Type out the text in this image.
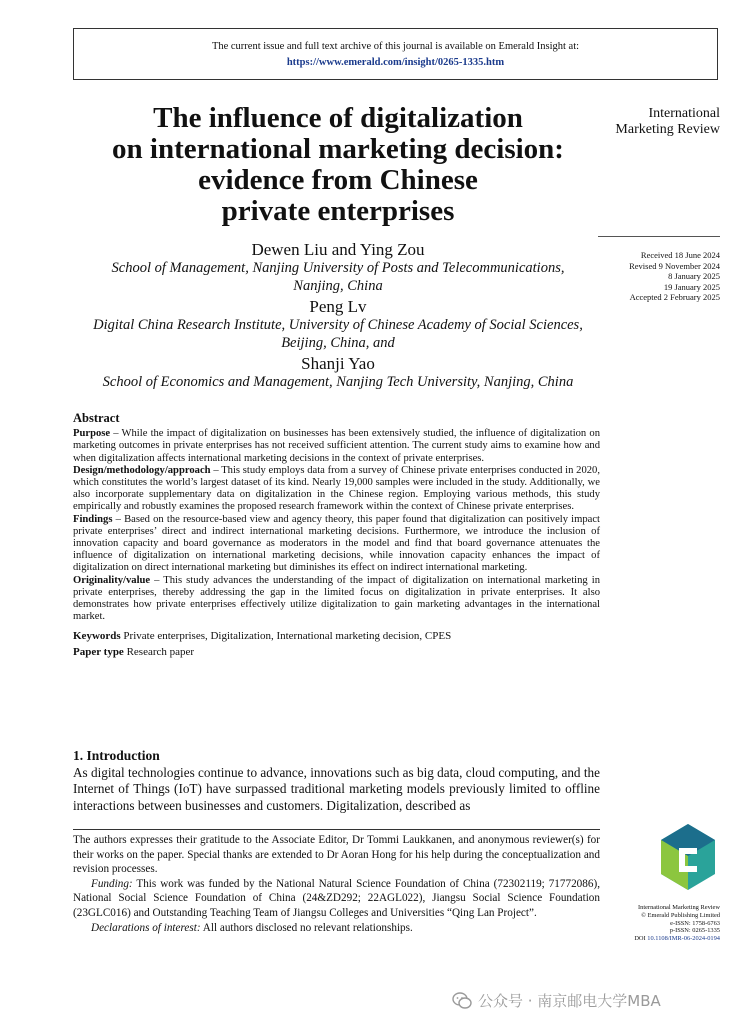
The current issue and full text archive of this journal is available on Emerald Insight at:
https://www.emerald.com/insight/0265-1335.htm
International
Marketing Review
Received 18 June 2024
Revised 9 November 2024
8 January 2025
19 January 2025
Accepted 2 February 2025
The influence of digitalization
on international marketing decision:
evidence from Chinese
private enterprises
Dewen Liu and Ying Zou
School of Management, Nanjing University of Posts and Telecommunications,
Nanjing, China
Peng Lv
Digital China Research Institute, University of Chinese Academy of Social Sciences,
Beijing, China, and
Shanji Yao
School of Economics and Management, Nanjing Tech University, Nanjing, China
Abstract

Purpose – While the impact of digitalization on businesses has been extensively studied, the influence of digitalization on marketing outcomes in private enterprises has not received sufficient attention. The current study aims to examine how and when digitalization affects international marketing decisions in the context of private enterprises.

Design/methodology/approach – This study employs data from a survey of Chinese private enterprises conducted in 2020, which constitutes the world’s largest dataset of its kind. Nearly 19,000 samples were included in the study. Additionally, we also incorporate supplementary data on digitalization in the Chinese region. Employing various methods, this study empirically and robustly examines the proposed research framework within the context of Chinese private enterprises.

Findings – Based on the resource-based view and agency theory, this paper found that digitalization can positively impact private enterprises’ direct and indirect international marketing decisions. Furthermore, we introduce the inclusion of innovation capacity and board governance as moderators in the model and find that board governance attenuates the influence of digitalization on international marketing decisions, while innovation capacity enhances the impact of digitalization on direct international marketing but diminishes its effect on indirect international marketing.

Originality/value – This study advances the understanding of the impact of digitalization on international marketing in private enterprises, thereby addressing the gap in the limited focus on digitalization in private enterprises. It also demonstrates how private enterprises effectively utilize digitalization to gain marketing advantages in the international market.

Keywords Private enterprises, Digitalization, International marketing decision, CPES

Paper type Research paper

1. Introduction

As digital technologies continue to advance, innovations such as big data, cloud computing, and the Internet of Things (IoT) have surpassed traditional marketing models previously limited to offline interactions between businesses and customers. Digitalization, described as

The authors expresses their gratitude to the Associate Editor, Dr Tommi Laukkanen, and anonymous reviewer(s) for their works on the paper. Special thanks are extended to Dr Aoran Hong for his help during the conceptualization and revision processes.

Funding: This work was funded by the National Natural Science Foundation of China (72302119; 71772086), National Social Science Foundation of China (24&ZD292; 22AGL022), Jiangsu Social Science Foundation (23GLC016) and Outstanding Teaching Team of Jiangsu Colleges and Universities “Qing Lan Project”.

Declarations of interest: All authors disclosed no relevant relationships.

International Marketing Review
© Emerald Publishing Limited
e-ISSN: 1758-6763
p-ISSN: 0265-1335
DOI 10.1108/IMR-06-2024-0194
公众号 · 南京邮电大学MBA
